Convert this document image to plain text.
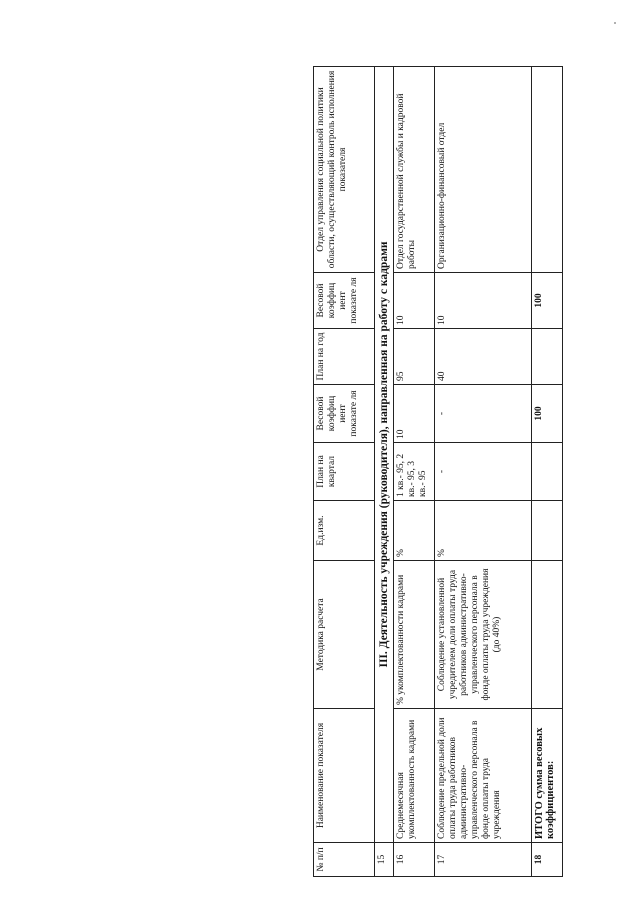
№ п/п	Наименование показателя	Методика расчета	Ед.изм.	План на квартал	Весовой коэффиц иент показате ля	План на год	Весовой коэффиц иент показате ля	Отдел управления социальной политики области, осуществляющий контроль исполнения показателя
15	III. Деятельность учреждения (руководителя), направленная на работу с кадрами							
16	Среднемесячная укомплектованность кадрами	% укомплектованности кадрами	%	1 кв.- 95, 2 кв.- 95, 3 кв.- 95	10	95	10	Отдел государственной службы и кадровой работы
17	Соблюдение предельной доли оплаты труда работников административно-управленческого персонала в фонде оплаты труда учреждения	Соблюдение установленной учредителем доли оплаты труда работников административно-управленческого персонала в фонде оплаты труда учреждения (до 40%)	%	-	-	40	10	Организационно-финансовый отдел
18	ИТОГО сумма весовых коэффициентов:				100		100	
